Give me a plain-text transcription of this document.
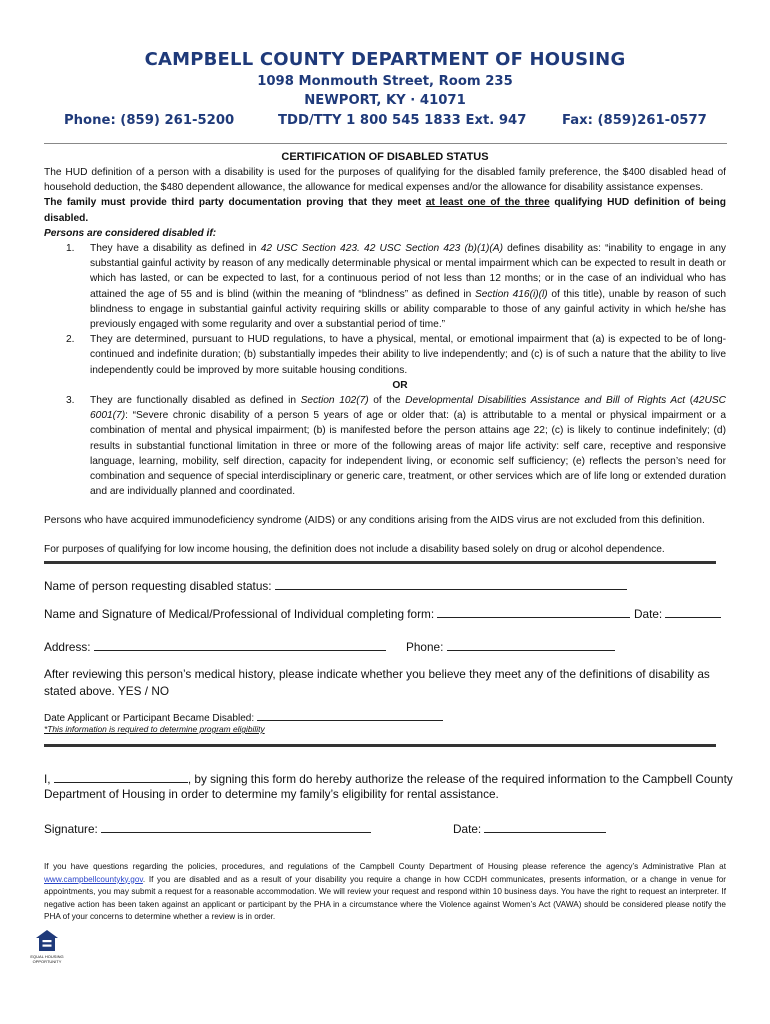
CAMPBELL COUNTY DEPARTMENT OF HOUSING
1098 Monmouth Street, Room 235
NEWPORT, KY · 41071
Phone: (859) 261-5200	TDD/TTY 1 800 545 1833 Ext. 947	Fax: (859)261-0577
CERTIFICATION OF DISABLED STATUS

The HUD definition of a person with a disability is used for the purposes of qualifying for the disabled family preference, the $400 disabled head of household deduction, the $480 dependent allowance, the allowance for medical expenses and/or the allowance for disability assistance expenses.

The family must provide third party documentation proving that they meet at least one of the three qualifying HUD definition of being disabled.

Persons are considered disabled if:

1. They have a disability as defined in 42 USC Section 423. 42 USC Section 423 (b)(1)(A) defines disability as: “inability to engage in any substantial gainful activity by reason of any medically determinable physical or mental impairment which can be expected to result in death or which has lasted, or can be expected to last, for a continuous period of not less than 12 months; or in the case of an individual who has attained the age of 55 and is blind (within the meaning of “blindness” as defined in Section 416(i)(l) of this title), unable by reason of such blindness to engage in substantial gainful activity requiring skills or ability comparable to those of any gainful activity in which he/she has previously engaged with some regularity and over a substantial period of time.”
2. They are determined, pursuant to HUD regulations, to have a physical, mental, or emotional impairment that (a) is expected to be of long-continued and indefinite duration; (b) substantially impedes their ability to live independently; and (c) is of such a nature that the ability to live independently could be improved by more suitable housing conditions.
OR
3. They are functionally disabled as defined in Section 102(7) of the Developmental Disabilities Assistance and Bill of Rights Act (42USC 6001(7): “Severe chronic disability of a person 5 years of age or older that: (a) is attributable to a mental or physical impairment or a combination of mental and physical impairment; (b) is manifested before the person attains age 22; (c) is likely to continue indefinitely; (d) results in substantial functional limitation in three or more of the following areas of major life activity: self care, receptive and responsive language, learning, mobility, self direction, capacity for independent living, or economic self sufficiency; (e) reflects the person’s need for combination and sequence of special interdisciplinary or generic care, treatment, or other services which are of life long or extended duration and are individually planned and coordinated.

Persons who have acquired immunodeficiency syndrome (AIDS) or any conditions arising from the AIDS virus are not excluded from this definition.

For purposes of qualifying for low income housing, the definition does not include a disability based solely on drug or alcohol dependence.

Name of person requesting disabled status:
Name and Signature of Medical/Professional of Individual completing form:	Date:
Address:	Phone:
After reviewing this person’s medical history, please indicate whether you believe they meet any of the definitions of disability as stated above. YES / NO
Date Applicant or Participant Became Disabled:
*This information is required to determine program eligibility
I,	, by signing this form do hereby authorize the release of the required information to the Campbell County
Department of Housing in order to determine my family’s eligibility for rental assistance.
Signature:	Date:
If you have questions regarding the policies, procedures, and regulations of the Campbell County Department of Housing please reference the agency’s Administrative Plan at www.campbellcountyky.gov. If you are disabled and as a result of your disability you require a change in how CCDH communicates, presents information, or a change in venue for appointments, you may submit a request for a reasonable accommodation. We will review your request and respond within 10 business days. You have the right to request an interpreter. If negative action has been taken against an applicant or participant by the PHA in a circumstance where the Violence against Women’s Act (VAWA) should be considered please notify the PHA of your concerns to determine whether a review is in order.
EQUAL HOUSING OPPORTUNITY
